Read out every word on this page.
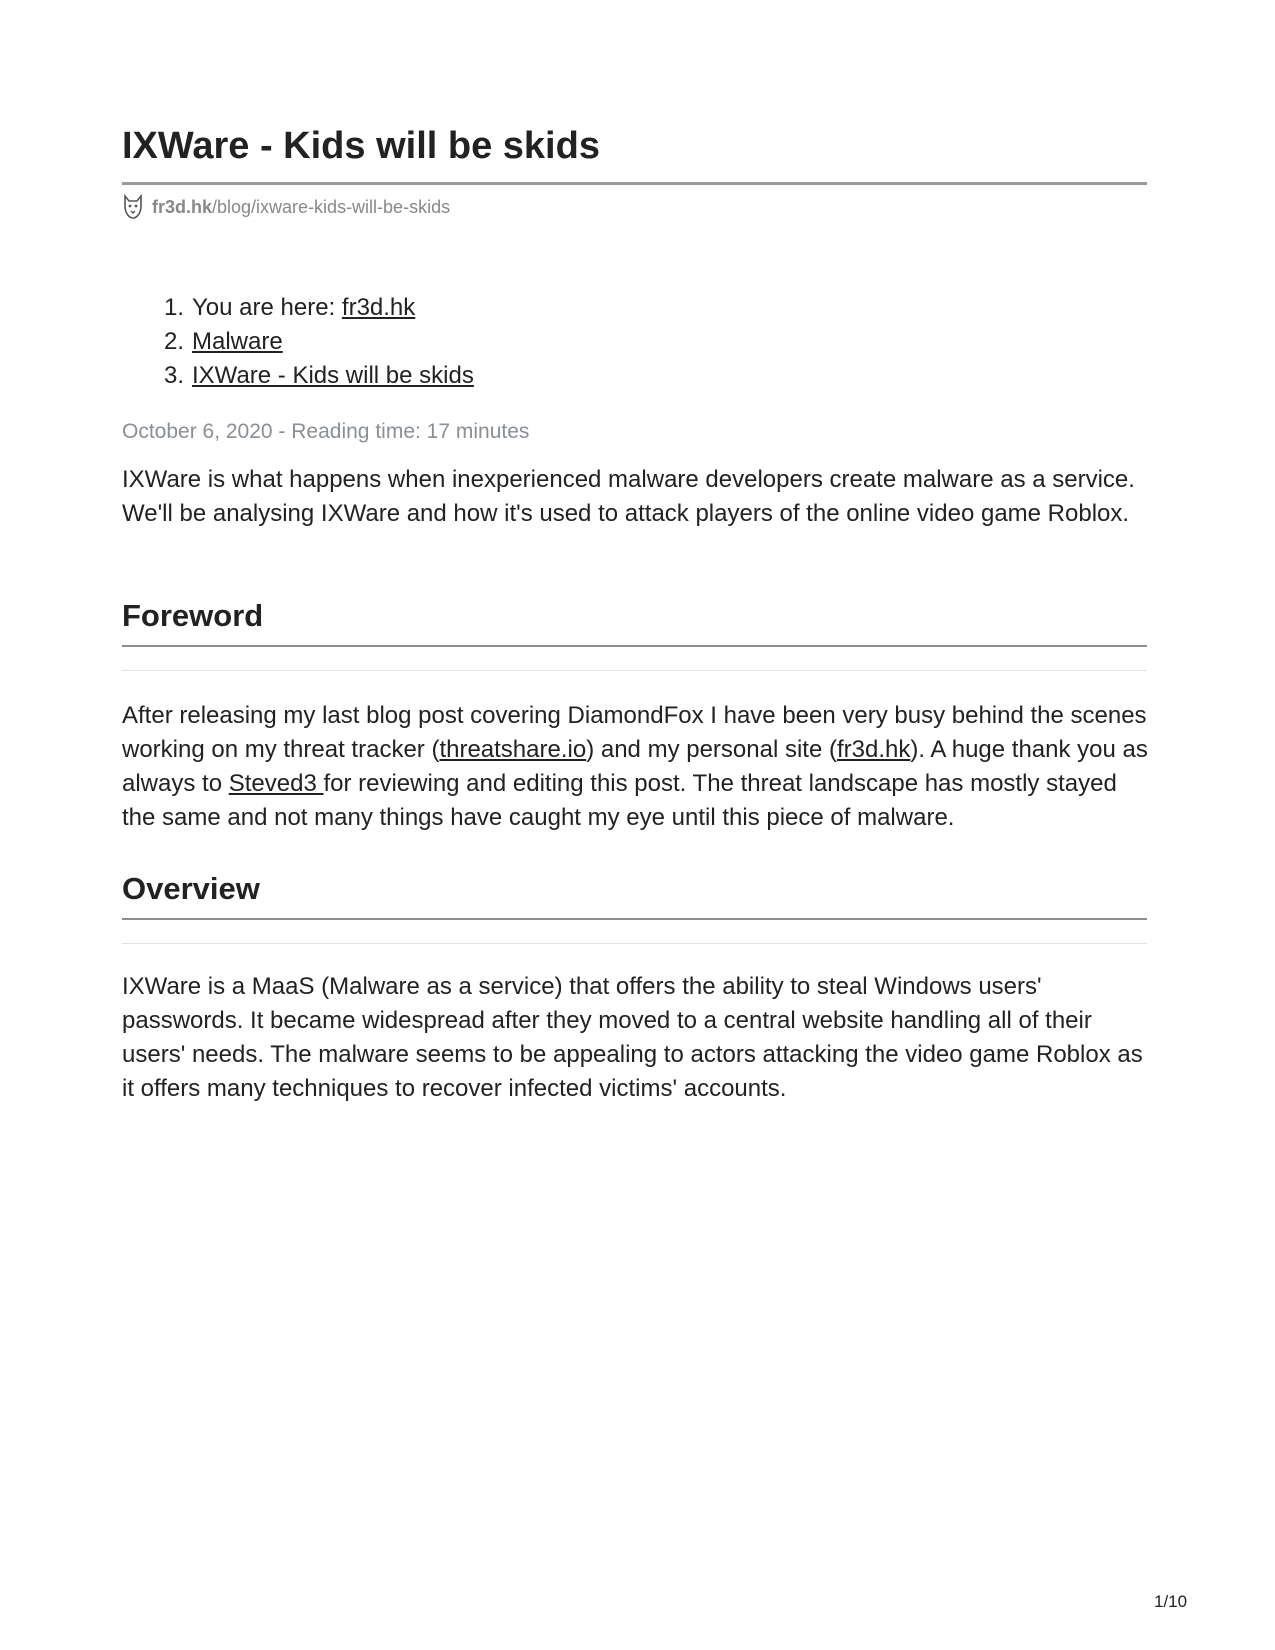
IXWare - Kids will be skids
fr3d.hk /blog/ixware-kids-will-be-skids
1. You are here: fr3d.hk
2. Malware
3. IXWare - Kids will be skids
October 6, 2020 - Reading time: 17 minutes

IXWare is what happens when inexperienced malware developers create malware as a service. We'll be analysing IXWare and how it's used to attack players of the online video game Roblox.

Foreword

After releasing my last blog post covering DiamondFox I have been very busy behind the scenes working on my threat tracker (threatshare.io) and my personal site (fr3d.hk). A huge thank you as always to Steved3 for reviewing and editing this post. The threat landscape has mostly stayed the same and not many things have caught my eye until this piece of malware.

Overview

IXWare is a MaaS (Malware as a service) that offers the ability to steal Windows users' passwords. It became widespread after they moved to a central website handling all of their users' needs. The malware seems to be appealing to actors attacking the video game Roblox as it offers many techniques to recover infected victims' accounts.

1/10
